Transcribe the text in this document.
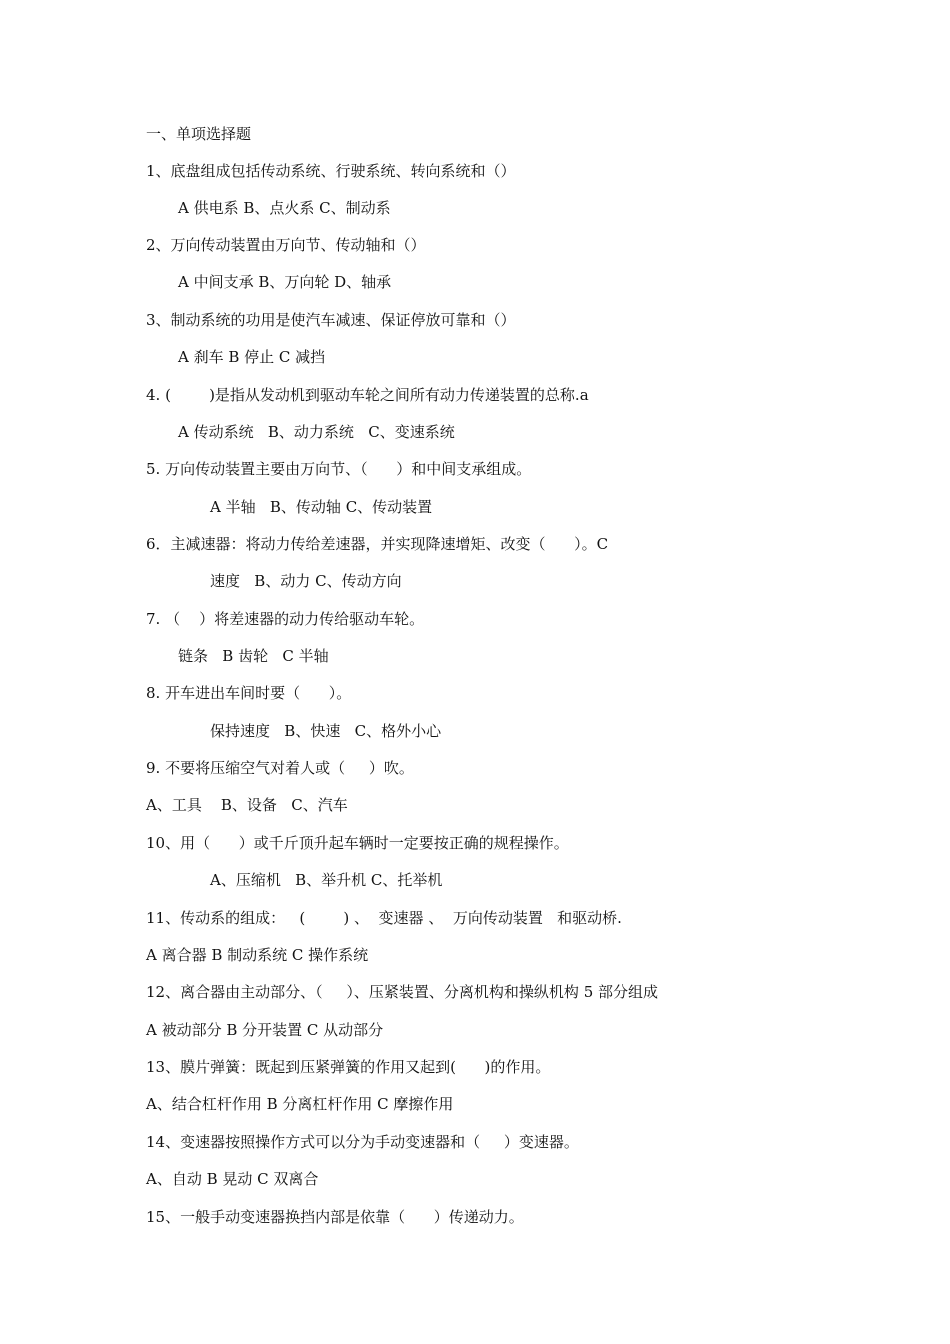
一、单项选择题
1、底盘组成包括传动系统、行驶系统、转向系统和（）
A 供电系 B、点火系 C、制动系
2、万向传动装置由万向节、传动轴和（）
A 中间支承 B、万向轮 D、轴承
3、制动系统的功用是使汽车减速、保证停放可靠和（）
A 刹车 B 停止 C 减挡
4. (        )是指从发动机到驱动车轮之间所有动力传递装置的总称.a
A 传动系统   B、动力系统   C、变速系统
5. 万向传动装置主要由万向节、（      ）和中间支承组成。
A 半轴   B、传动轴 C、传动装置
6．主减速器：将动力传给差速器，并实现降速增矩、改变（      ）。C
速度   B、动力 C、传动方向
7. （    ）将差速器的动力传给驱动车轮。
链条   B 齿轮   C 半轴
8. 开车进出车间时要（      ）。
保持速度   B、快速   C、格外小心
9. 不要将压缩空气对着人或（     ）吹。
A、工具    B、设备   C、汽车
10、用（      ）或千斤顶升起车辆时一定要按正确的规程操作。
A、压缩机   B、举升机 C、托举机
11、传动系的组成：   (        ) 、  变速器 、  万向传动装置   和驱动桥.
A 离合器 B 制动系统 C 操作系统
12、离合器由主动部分、（     ）、压紧装置、分离机构和操纵机构 5 部分组成
A 被动部分 B 分开装置 C 从动部分
13、膜片弹簧：既起到压紧弹簧的作用又起到(      )的作用。
A、结合杠杆作用 B 分离杠杆作用 C 摩擦作用
14、变速器按照操作方式可以分为手动变速器和（     ）变速器。
A、自动 B 晃动 C 双离合
15、一般手动变速器换挡内部是依靠（      ）传递动力。
